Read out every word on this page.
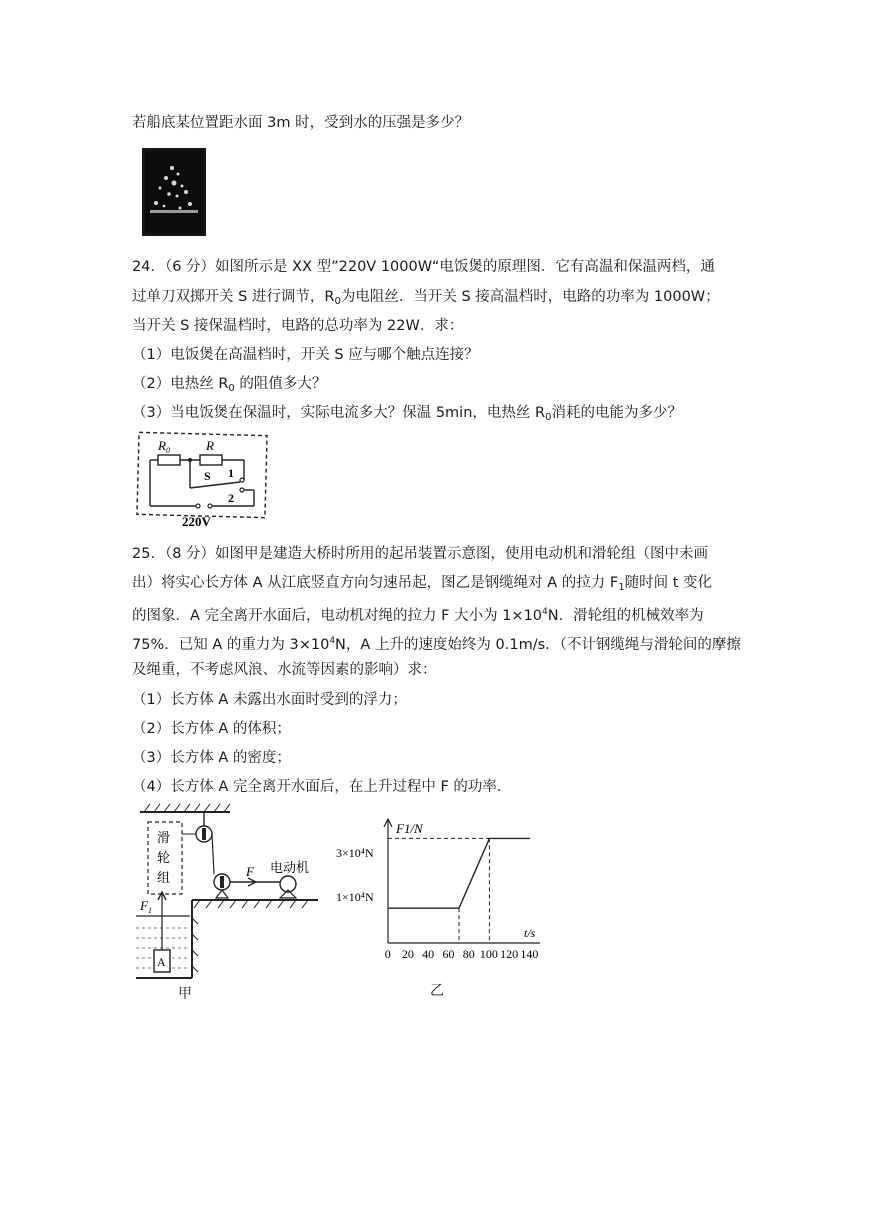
若船底某位置距水面 3m 时，受到水的压强是多少？
24．（6 分）如图所示是 XX 型”220V 1000W“电饭煲的原理图．它有高温和保温两档，通
过单刀双掷开关 S 进行调节，$R_0$为电阻丝．当开关 S 接高温档时，电路的功率为 1000W；
当开关 S 接保温档时，电路的总功率为 22W．求：
（1）电饭煲在高温档时，开关 S 应与哪个触点连接？
（2）电热丝 $R_0$ 的阻值多大？
（3）当电饭煲在保温时，实际电流多大？保温 5min，电热丝 $R_0$消耗的电能为多少？
$R_0$	R
S 1
2
220V
25．（8 分）如图甲是建造大桥时所用的起吊装置示意图，使用电动机和滑轮组（图中未画
出）将实心长方体 A 从江底竖直方向匀速吊起，图乙是钢缆绳对 A 的拉力 $F_1$随时间 t 变化
的图象．A 完全离开水面后，电动机对绳的拉力 F 大小为 $1\times 10^4N$．滑轮组的机械效率为
75%．已知 A 的重力为 $3\times 10^4N$，A 上升的速度始终为 0.1m/s．（不计钢缆绳与滑轮间的摩擦
及绳重，不考虑风浪、水流等因素的影响）求：
（1）长方体 A 未露出水面时受到的浮力；
（2）长方体 A 的体积；
（3）长方体 A 的密度；
（4）长方体 A 完全离开水面后，在上升过程中 F 的功率．
滑
轮
组	F 电动机
$F_1$
A
甲
F1/N
t/s
3×10⁴N
1×10⁴N
0 20 40 60 80 100 120 140
乙
